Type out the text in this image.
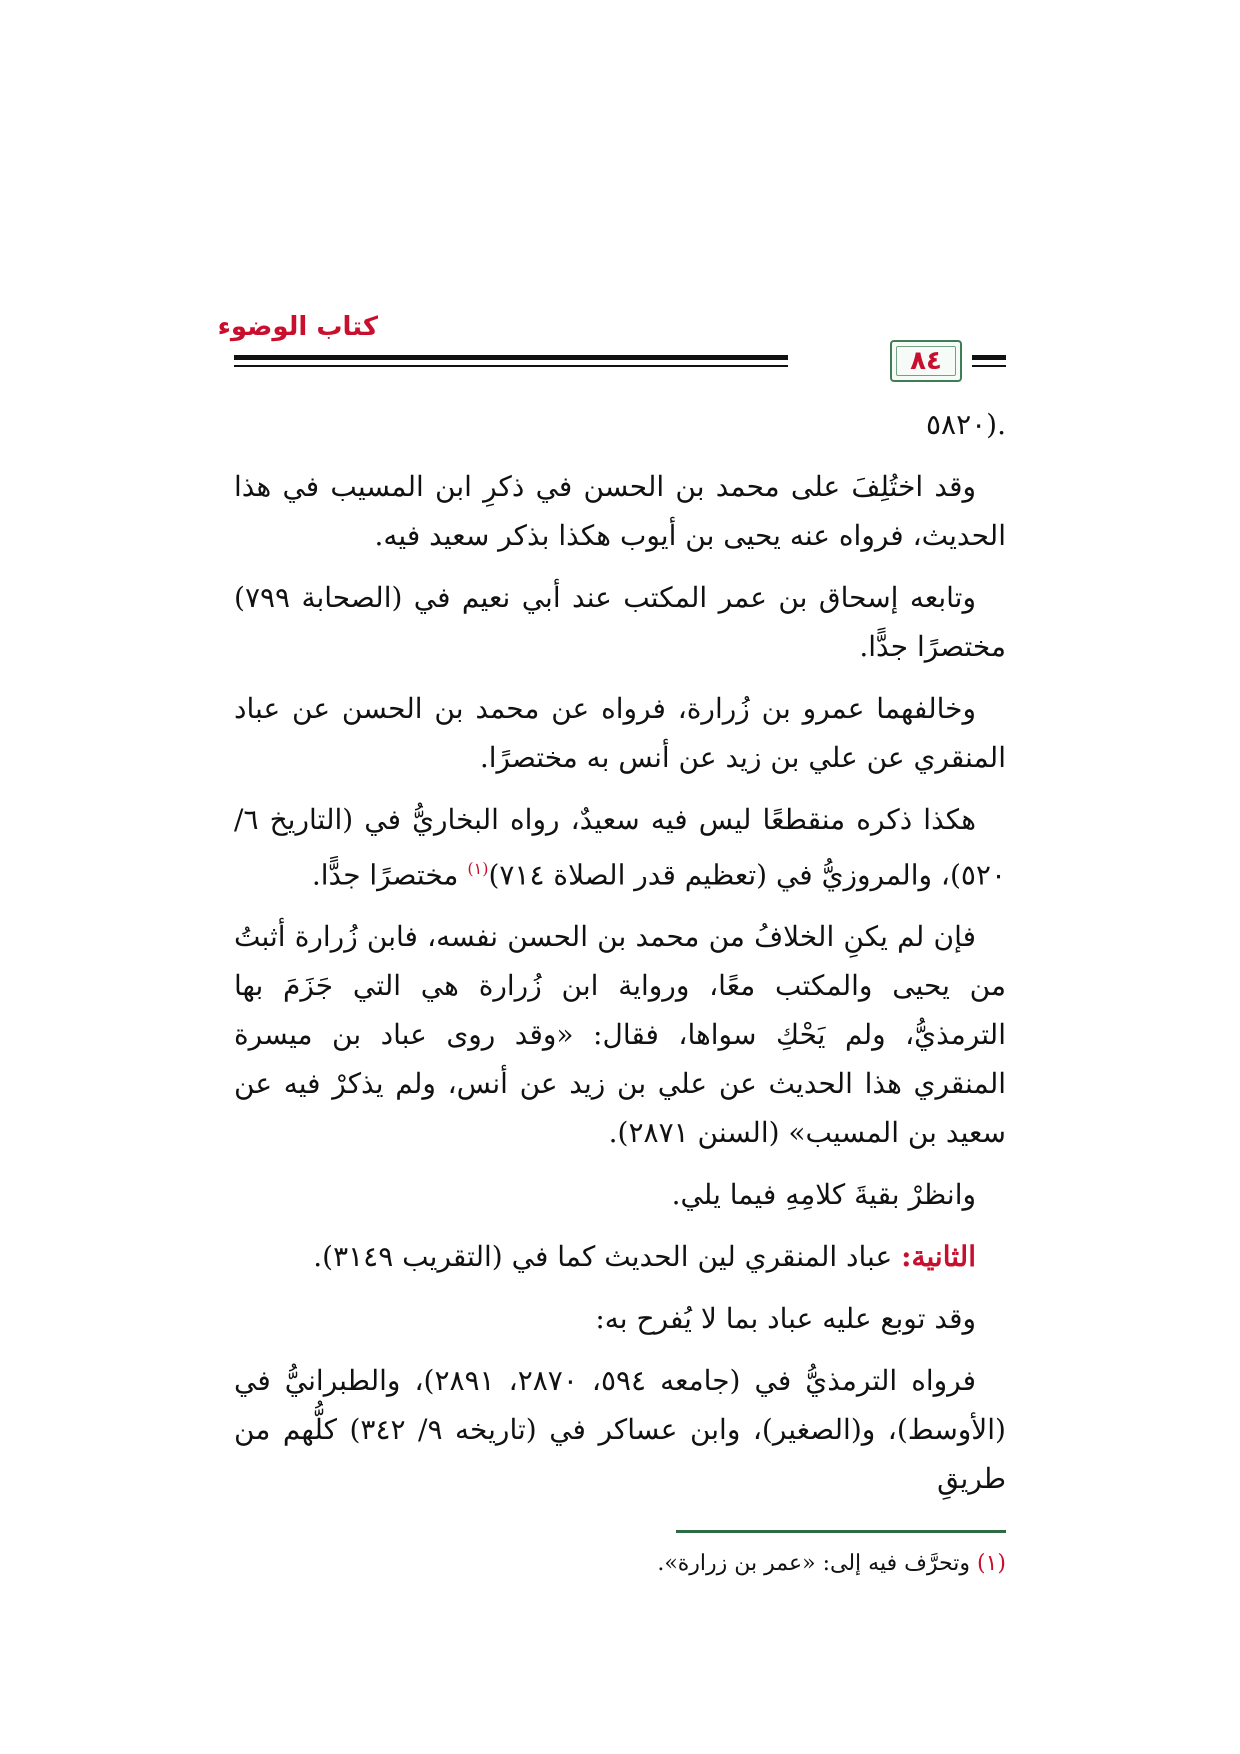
كتاب الوضوء
٨٤

.(٥٨٢٠

وقد اختُلِفَ على محمد بن الحسن في ذكرِ ابن المسيب في هذا الحديث، فرواه عنه يحيى بن أيوب هكذا بذكر سعيد فيه.

وتابعه إسحاق بن عمر المكتب عند أبي نعيم في (الصحابة ٧٩٩) مختصرًا جدًّا.

وخالفهما عمرو بن زُرارة، فرواه عن محمد بن الحسن عن عباد المنقري عن علي بن زيد عن أنس به مختصرًا.

هكذا ذكره منقطعًا ليس فيه سعيدٌ، رواه البخاريُّ في (التاريخ ٦/ ٥٢٠)، والمروزيُّ في (تعظيم قدر الصلاة ٧١٤)$^{(١)}$ مختصرًا جدًّا.

فإن لم يكنِ الخلافُ من محمد بن الحسن نفسه، فابن زُرارة أثبتُ من يحيى والمكتب معًا، ورواية ابن زُرارة هي التي جَزَمَ بها الترمذيُّ، ولم يَحْكِ سواها، فقال: «وقد روى عباد بن ميسرة المنقري هذا الحديث عن علي بن زيد عن أنس، ولم يذكرْ فيه عن سعيد بن المسيب» (السنن ٢٨٧١).

وانظرْ بقيةَ كلامِهِ فيما يلي.

الثانية: عباد المنقري لين الحديث كما في (التقريب ٣١٤٩).

وقد توبع عليه عباد بما لا يُفرح به:

فرواه الترمذيُّ في (جامعه ٥٩٤، ٢٨٧٠، ٢٨٩١)، والطبرانيُّ في (الأوسط)، و(الصغير)، وابن عساكر في (تاريخه ٩/ ٣٤٢) كلُّهم من طريقِ

(١) وتحرَّف فيه إلى: «عمر بن زرارة».
